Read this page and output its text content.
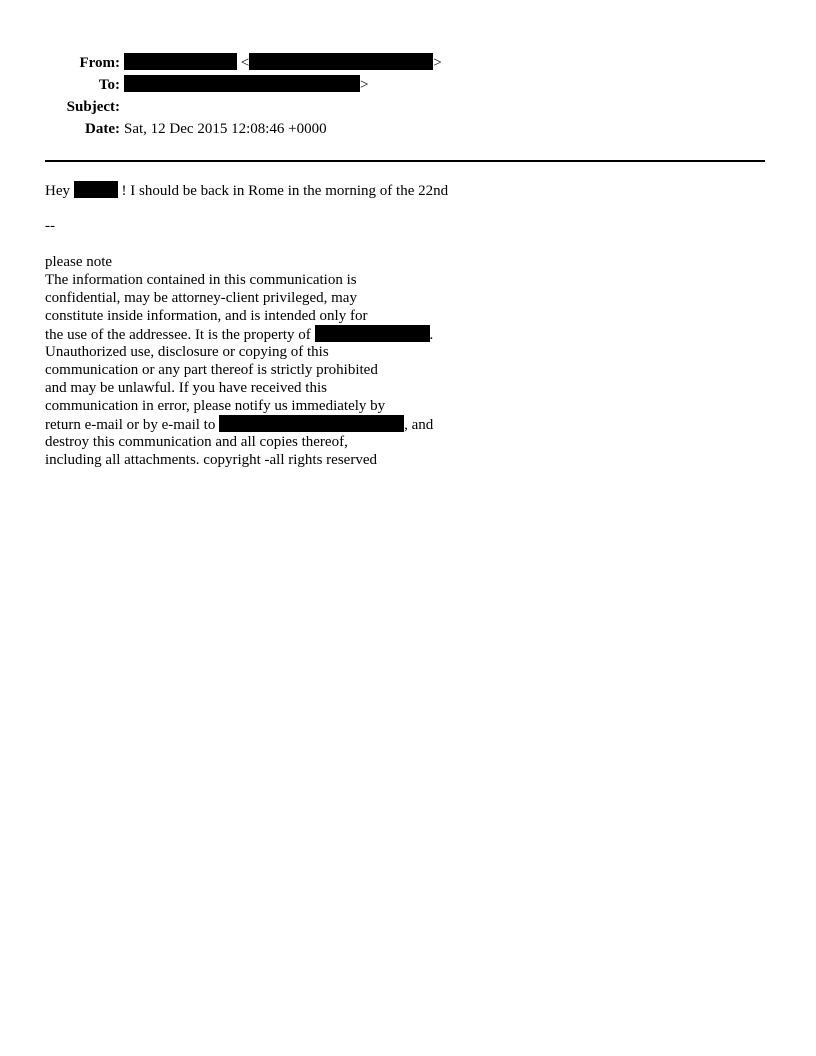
From:	<	>
To:	>
Subject:
Date: Sat, 12 Dec 2015 12:08:46 +0000
Hey	! I should be back in Rome in the morning of the 22nd
--
please note
The information contained in this communication is
confidential, may be attorney-client privileged, may
constitute inside information, and is intended only for
the use of the addressee. It is the property of	.
Unauthorized use, disclosure or copying of this
communication or any part thereof is strictly prohibited
and may be unlawful. If you have received this
communication in error, please notify us immediately by
return e-mail or by e-mail to	, and
destroy this communication and all copies thereof,
including all attachments. copyright -all rights reserved
